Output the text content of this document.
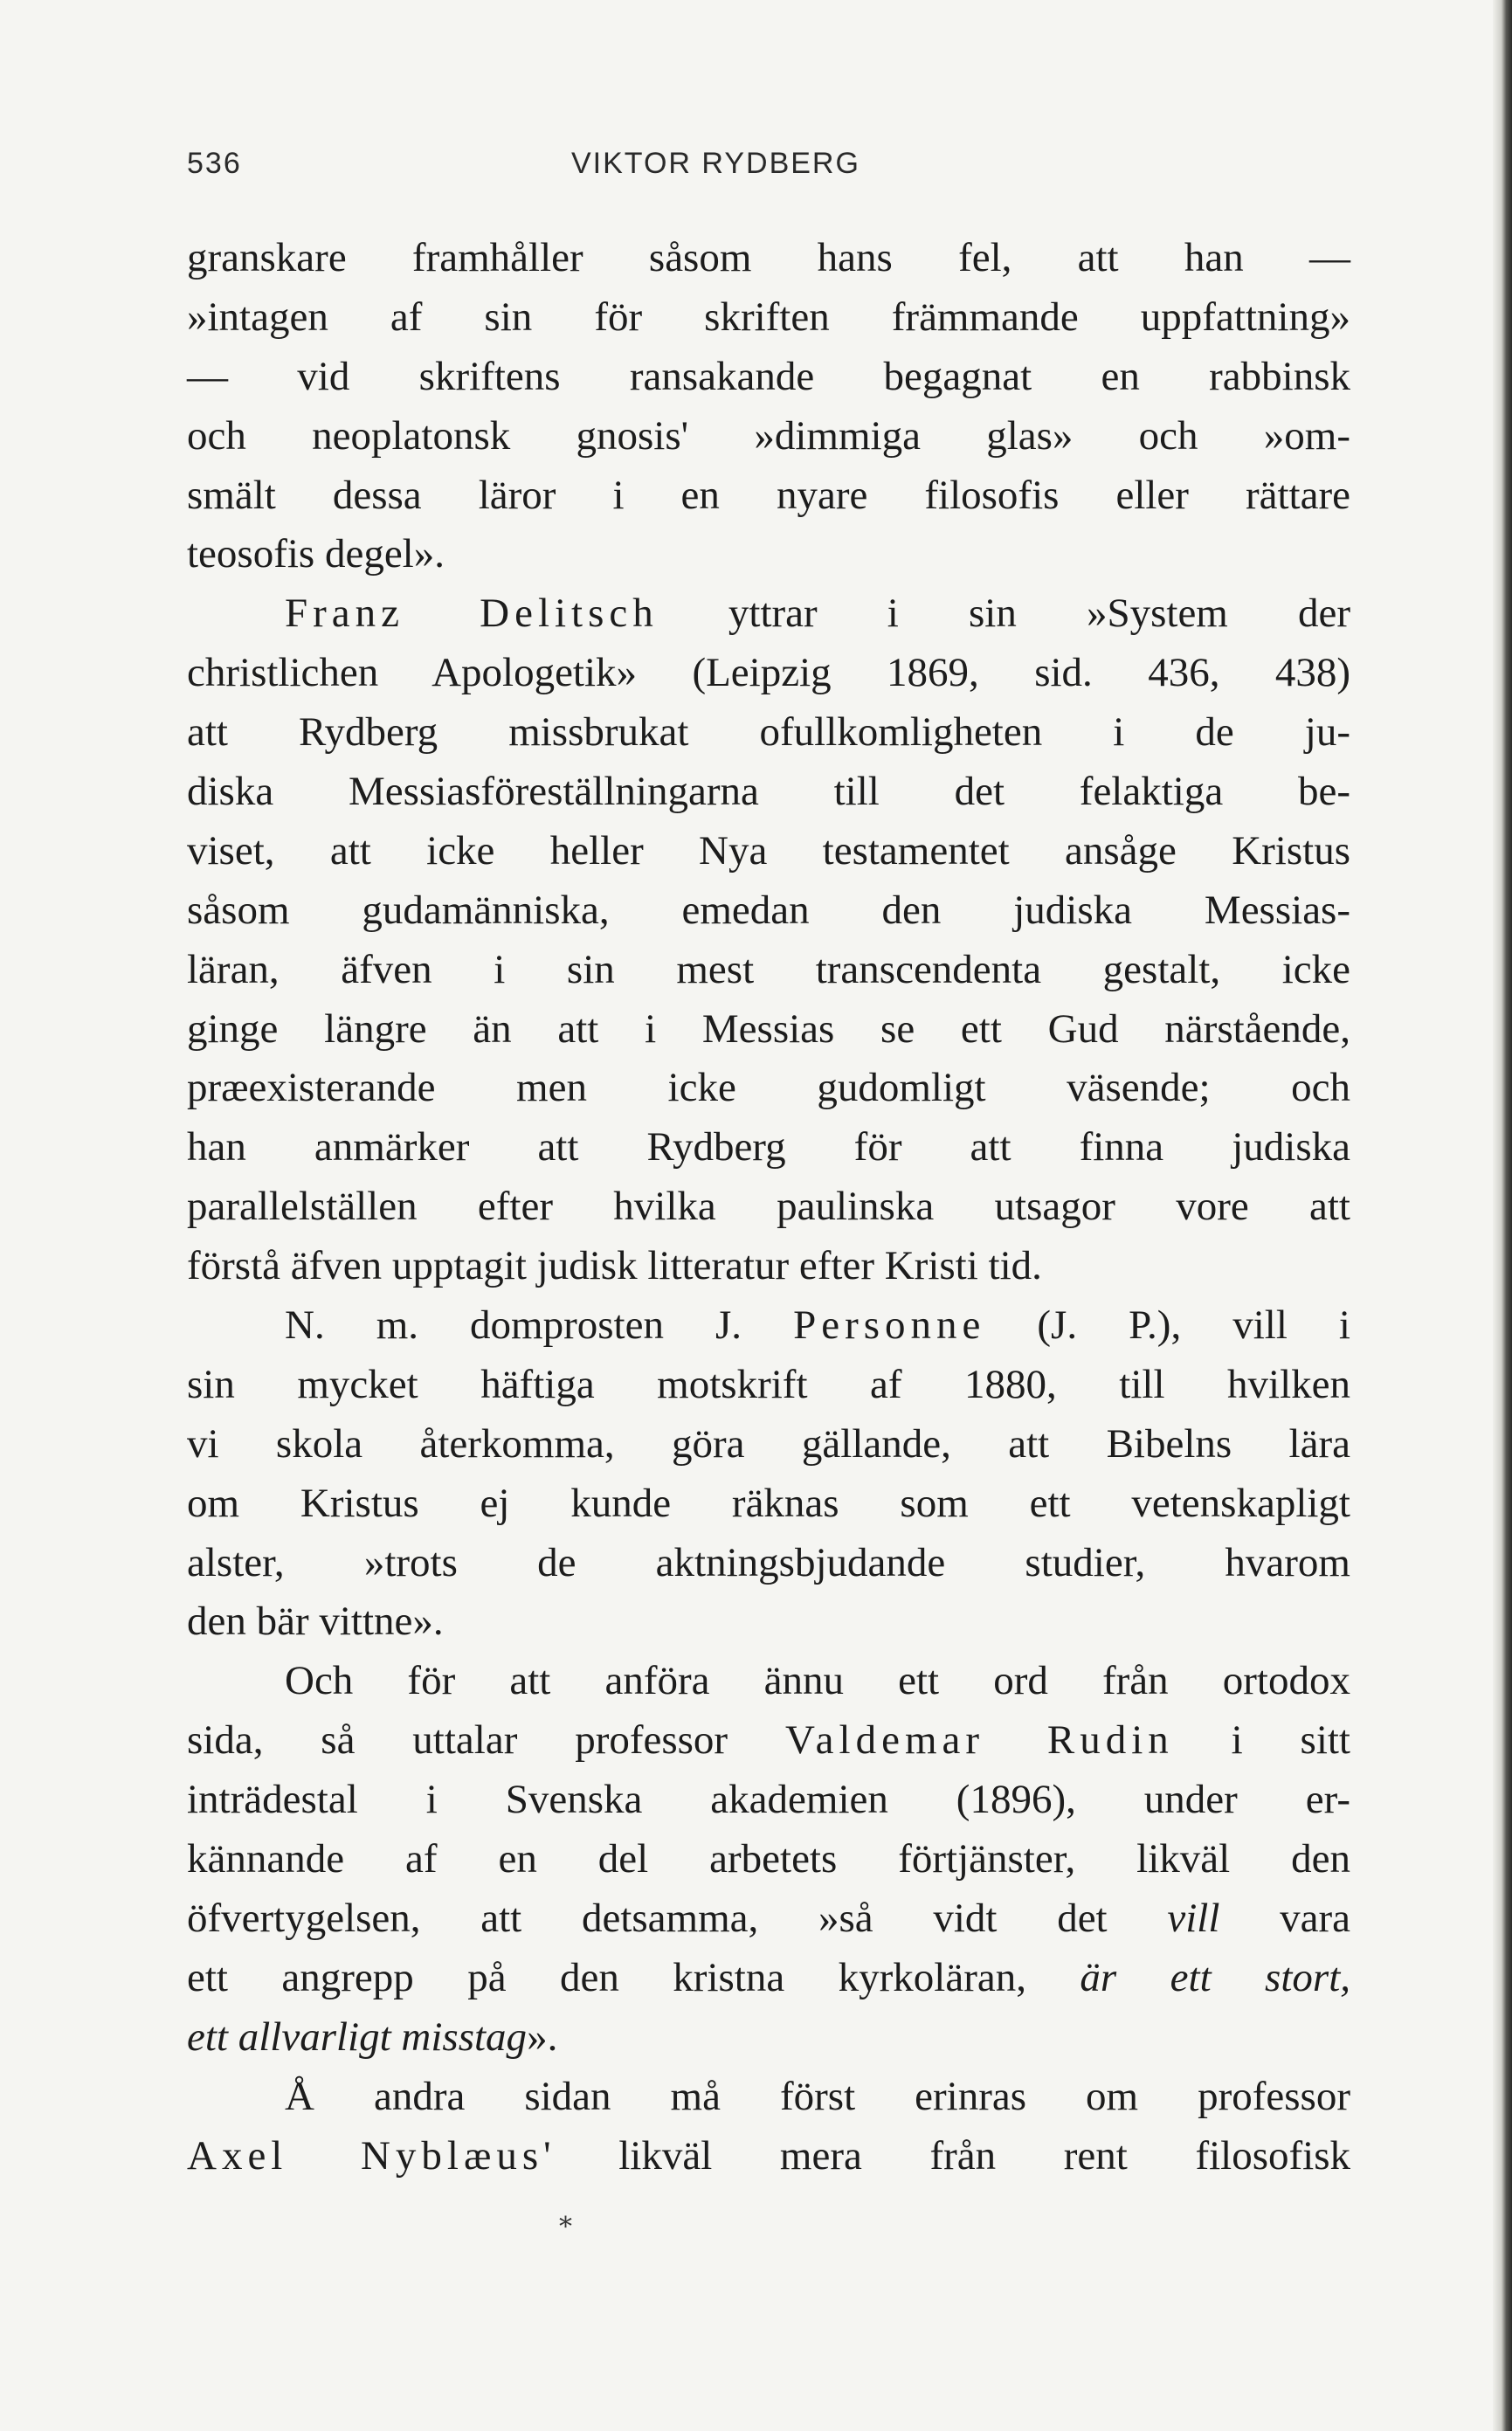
536	VIKTOR RYDBERG
granskare framhåller såsom hans fel, att han —
»intagen af sin för skriften främmande uppfattning»
— vid skriftens ransakande begagnat en rabbinsk
och neoplatonsk gnosis' »dimmiga glas» och »om-
smält dessa läror i en nyare filosofis eller rättare
teosofis degel».
Franz Delitsch yttrar i sin »System der
christlichen Apologetik» (Leipzig 1869, sid. 436, 438)
att Rydberg missbrukat ofullkomligheten i de ju-
diska Messiasföreställningarna till det felaktiga be-
viset, att icke heller Nya testamentet ansåge Kristus
såsom gudamänniska, emedan den judiska Messias-
läran, äfven i sin mest transcendenta gestalt, icke
ginge längre än att i Messias se ett Gud närstående,
præexisterande men icke gudomligt väsende; och
han anmärker att Rydberg för att finna judiska
parallelställen efter hvilka paulinska utsagor vore att
förstå äfven upptagit judisk litteratur efter Kristi tid.
N. m. domprosten J. Personne (J. P.), vill i
sin mycket häftiga motskrift af 1880, till hvilken
vi skola återkomma, göra gällande, att Bibelns lära
om Kristus ej kunde räknas som ett vetenskapligt
alster, »trots de aktningsbjudande studier, hvarom
den bär vittne».
Och för att anföra ännu ett ord från ortodox
sida, så uttalar professor Valdemar Rudin i sitt
inträdestal i Svenska akademien (1896), under er-
kännande af en del arbetets förtjänster, likväl den
öfvertygelsen, att detsamma, »så vidt det vill vara
ett angrepp på den kristna kyrkoläran, är ett stort,
ett allvarligt misstag».
Å andra sidan må först erinras om professor
Axel Nyblæus' likväl mera från rent filosofisk
*
